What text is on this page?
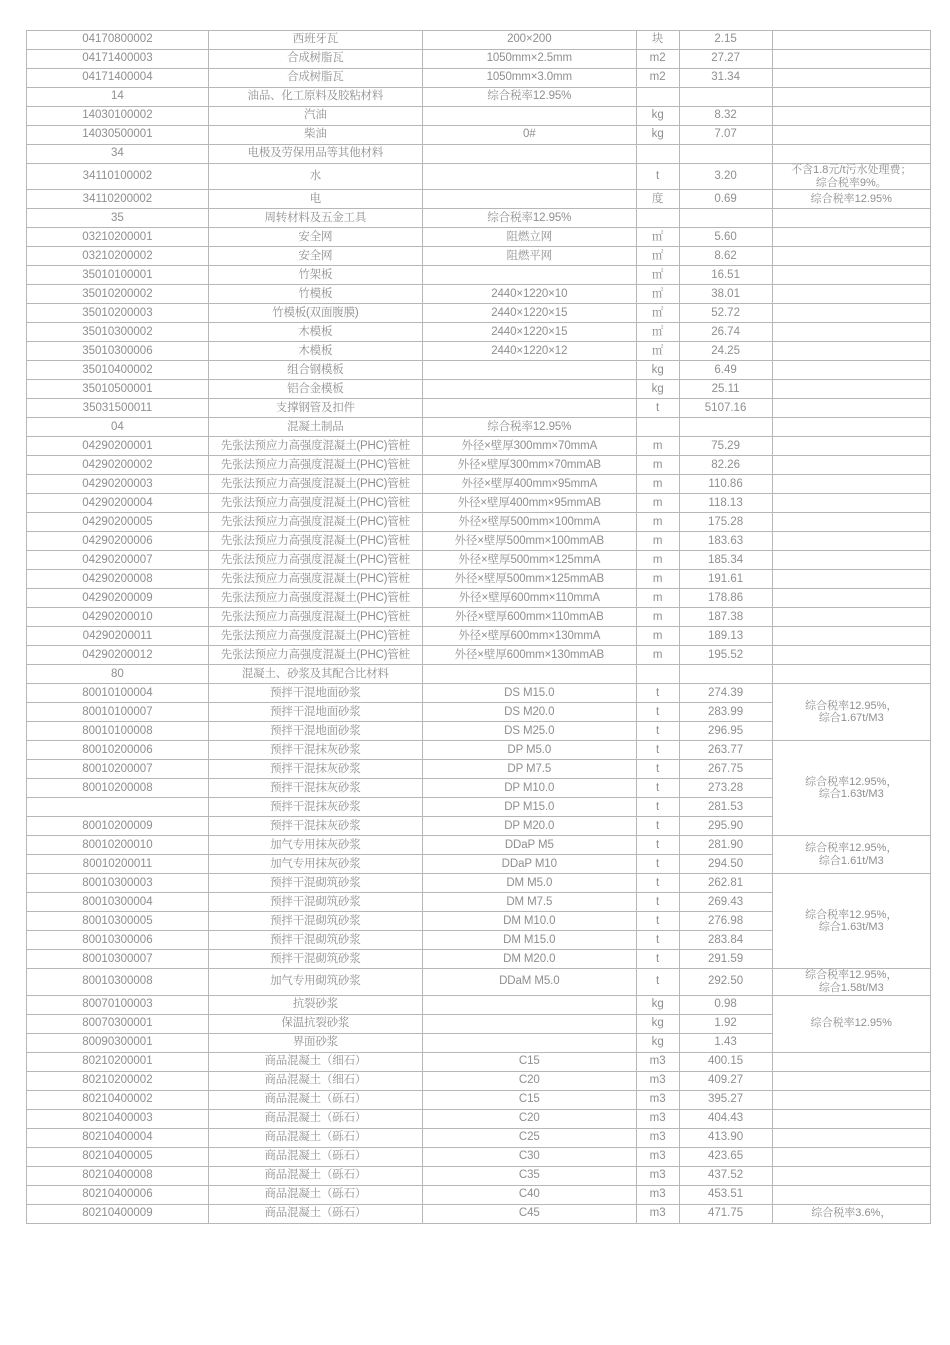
04170800002	西班牙瓦	200×200	块	2.15	
04171400003	合成树脂瓦	1050mm×2.5mm	m2	27.27	
04171400004	合成树脂瓦	1050mm×3.0mm	m2	31.34	
14	油品、化工原料及胶粘材料	综合税率12.95%			
14030100002	汽油		kg	8.32	
14030500001	柴油	0#	kg	7.07	
34	电极及劳保用品等其他材料				
34110100002	水		t	3.20	不含1.8元/t污水处理费；
综合税率9%。
34110200002	电		度	0.69	综合税率12.95%
35	周转材料及五金工具	综合税率12.95%			
03210200001	安全网	阻燃立网	㎡	5.60	
03210200002	安全网	阻燃平网	㎡	8.62	
35010100001	竹架板		㎡	16.51	
35010200002	竹模板	2440×1220×10	㎡	38.01	
35010200003	竹模板(双面腹膜)	2440×1220×15	㎡	52.72	
35010300002	木模板	2440×1220×15	㎡	26.74	
35010300006	木模板	2440×1220×12	㎡	24.25	
35010400002	组合钢模板		kg	6.49	
35010500001	铝合金模板		kg	25.11	
35031500011	支撑钢管及扣件		t	5107.16	
04	混凝土制品	综合税率12.95%			
04290200001	先张法预应力高强度混凝土(PHC)管桩	外径×壁厚300mm×70mmA	m	75.29	
04290200002	先张法预应力高强度混凝土(PHC)管桩	外径×壁厚300mm×70mmAB	m	82.26	
04290200003	先张法预应力高强度混凝土(PHC)管桩	外径×壁厚400mm×95mmA	m	110.86	
04290200004	先张法预应力高强度混凝土(PHC)管桩	外径×壁厚400mm×95mmAB	m	118.13	
04290200005	先张法预应力高强度混凝土(PHC)管桩	外径×壁厚500mm×100mmA	m	175.28	
04290200006	先张法预应力高强度混凝土(PHC)管桩	外径×壁厚500mm×100mmAB	m	183.63	
04290200007	先张法预应力高强度混凝土(PHC)管桩	外径×壁厚500mm×125mmA	m	185.34	
04290200008	先张法预应力高强度混凝土(PHC)管桩	外径×壁厚500mm×125mmAB	m	191.61	
04290200009	先张法预应力高强度混凝土(PHC)管桩	外径×壁厚600mm×110mmA	m	178.86	
04290200010	先张法预应力高强度混凝土(PHC)管桩	外径×壁厚600mm×110mmAB	m	187.38	
04290200011	先张法预应力高强度混凝土(PHC)管桩	外径×壁厚600mm×130mmA	m	189.13	
04290200012	先张法预应力高强度混凝土(PHC)管桩	外径×壁厚600mm×130mmAB	m	195.52	
80	混凝土、砂浆及其配合比材料				
80010100004	预拌干混地面砂浆	DS M15.0	t	274.39	综合税率12.95%，
综合1.67t/M3
80010100007	预拌干混地面砂浆	DS M20.0	t	283.99	
80010100008	预拌干混地面砂浆	DS M25.0	t	296.95	
80010200006	预拌干混抹灰砂浆	DP M5.0	t	263.77	综合税率12.95%，
综合1.63t/M3
80010200007	预拌干混抹灰砂浆	DP M7.5	t	267.75	
80010200008	预拌干混抹灰砂浆	DP M10.0	t	273.28	
	预拌干混抹灰砂浆	DP M15.0	t	281.53	
80010200009	预拌干混抹灰砂浆	DP M20.0	t	295.90	
80010200010	加气专用抹灰砂浆	DDaP M5	t	281.90	综合税率12.95%，
综合1.61t/M3
80010200011	加气专用抹灰砂浆	DDaP M10	t	294.50	
80010300003	预拌干混砌筑砂浆	DM M5.0	t	262.81	综合税率12.95%，
综合1.63t/M3
80010300004	预拌干混砌筑砂浆	DM M7.5	t	269.43	
80010300005	预拌干混砌筑砂浆	DM M10.0	t	276.98	
80010300006	预拌干混砌筑砂浆	DM M15.0	t	283.84	
80010300007	预拌干混砌筑砂浆	DM M20.0	t	291.59	
80010300008	加气专用砌筑砂浆	DDaM M5.0	t	292.50	综合税率12.95%，
综合1.58t/M3
80070100003	抗裂砂浆		kg	0.98	综合税率12.95%
80070300001	保温抗裂砂浆		kg	1.92	
80090300001	界面砂浆		kg	1.43	
80210200001	商品混凝土（细石）	C15	m3	400.15	
80210200002	商品混凝土（细石）	C20	m3	409.27	
80210400002	商品混凝土（砾石）	C15	m3	395.27	
80210400003	商品混凝土（砾石）	C20	m3	404.43	
80210400004	商品混凝土（砾石）	C25	m3	413.90	
80210400005	商品混凝土（砾石）	C30	m3	423.65	
80210400008	商品混凝土（砾石）	C35	m3	437.52	
80210400006	商品混凝土（砾石）	C40	m3	453.51	
80210400009	商品混凝土（砾石）	C45	m3	471.75	综合税率3.6%，
